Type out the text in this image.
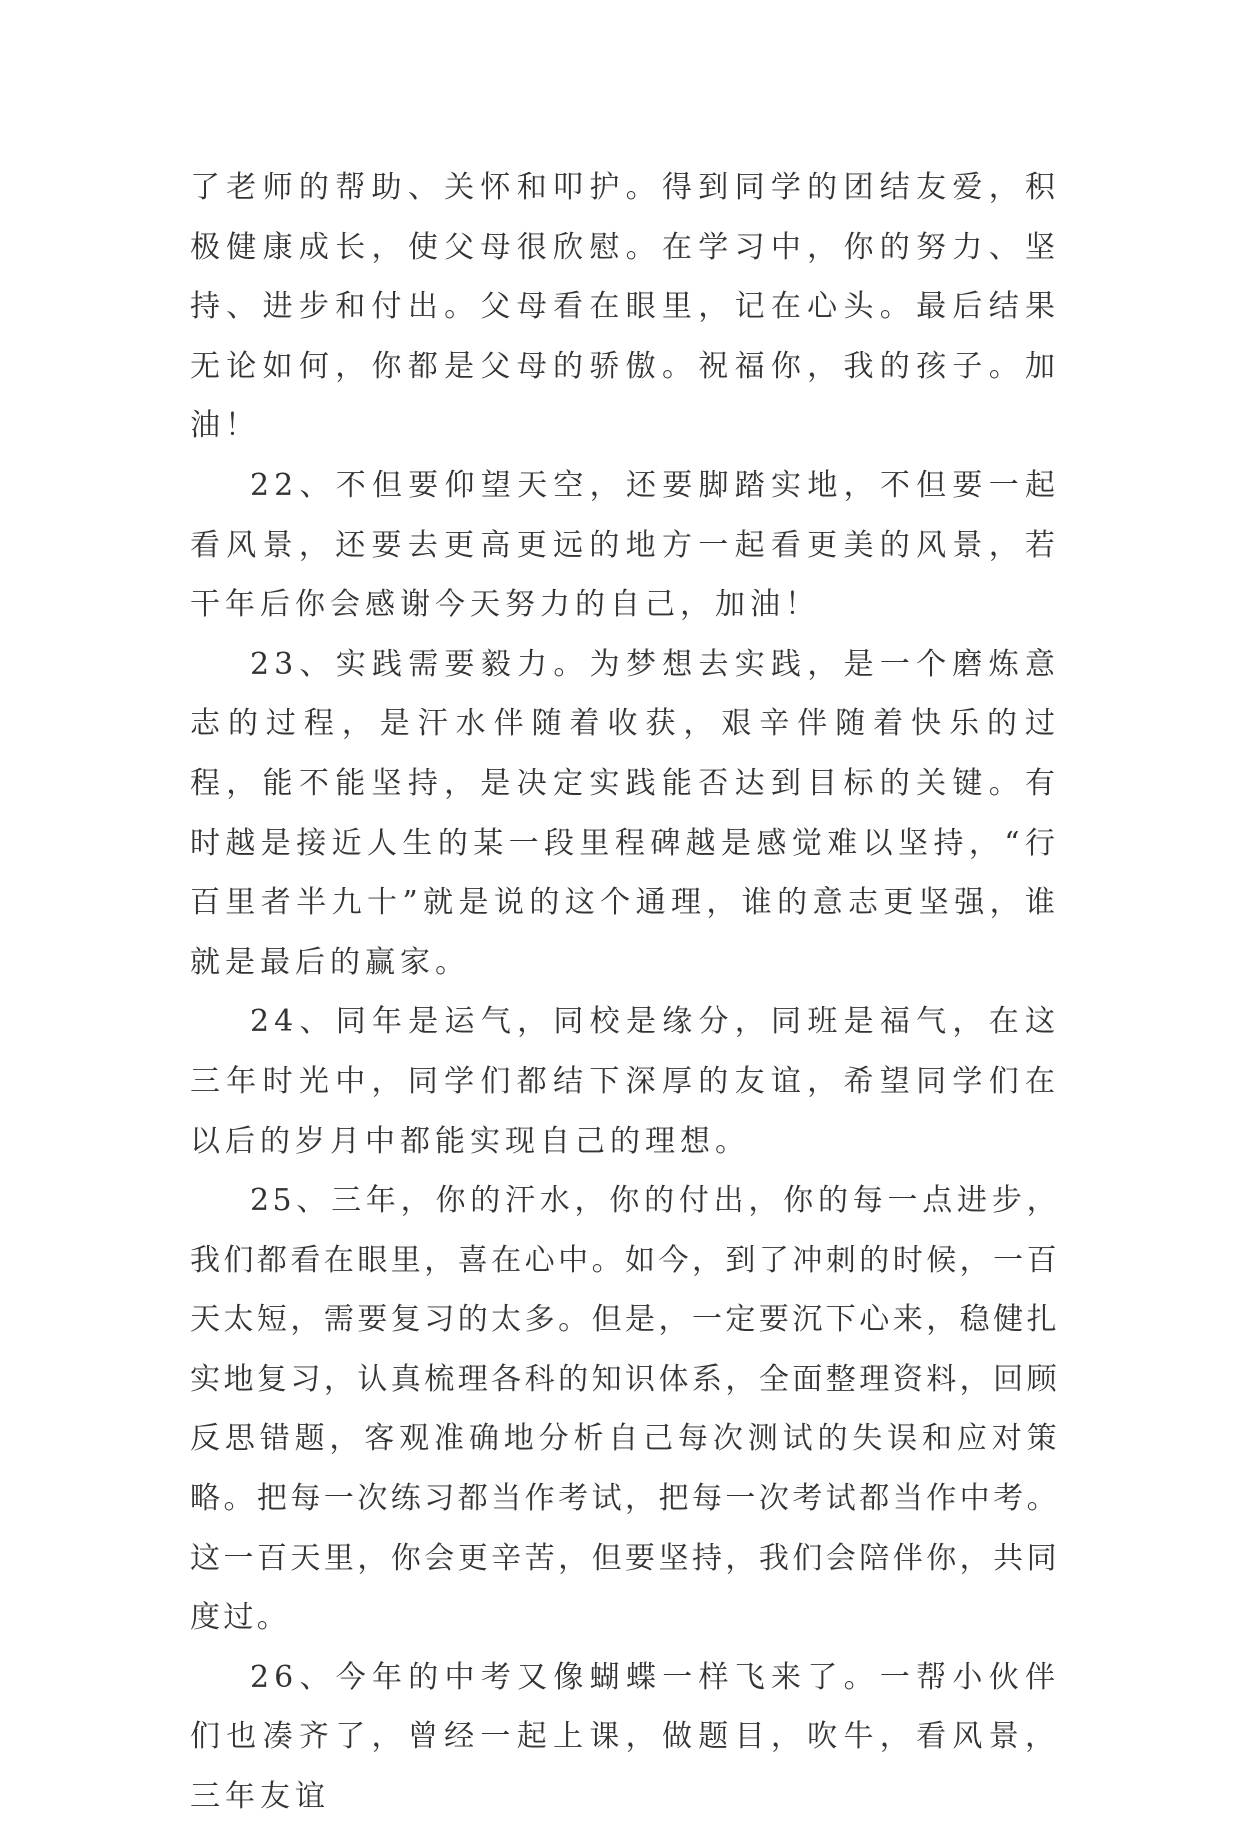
了老师的帮助、关怀和叩护。得到同学的团结友爱，积极健康成长，使父母很欣慰。在学习中，你的努力、坚持、进步和付出。父母看在眼里，记在心头。最后结果无论如何，你都是父母的骄傲。祝福你，我的孩子。加油！

22、不但要仰望天空，还要脚踏实地，不但要一起看风景，还要去更高更远的地方一起看更美的风景，若干年后你会感谢今天努力的自己，加油！

23、实践需要毅力。为梦想去实践，是一个磨炼意志的过程，是汗水伴随着收获，艰辛伴随着快乐的过程，能不能坚持，是决定实践能否达到目标的关键。有时越是接近人生的某一段里程碑越是感觉难以坚持，“行百里者半九十”就是说的这个通理，谁的意志更坚强，谁就是最后的赢家。

24、同年是运气，同校是缘分，同班是福气，在这三年时光中，同学们都结下深厚的友谊，希望同学们在以后的岁月中都能实现自己的理想。

25、三年，你的汗水，你的付出，你的每一点进步，我们都看在眼里，喜在心中。如今，到了冲刺的时候，一百天太短，需要复习的太多。但是，一定要沉下心来，稳健扎实地复习，认真梳理各科的知识体系，全面整理资料，回顾反思错题，客观准确地分析自己每次测试的失误和应对策略。把每一次练习都当作考试，把每一次考试都当作中考。这一百天里，你会更辛苦，但要坚持，我们会陪伴你，共同度过。

26、今年的中考又像蝴蝶一样飞来了。一帮小伙伴们也凑齐了，曾经一起上课，做题目，吹牛，看风景，三年友谊
